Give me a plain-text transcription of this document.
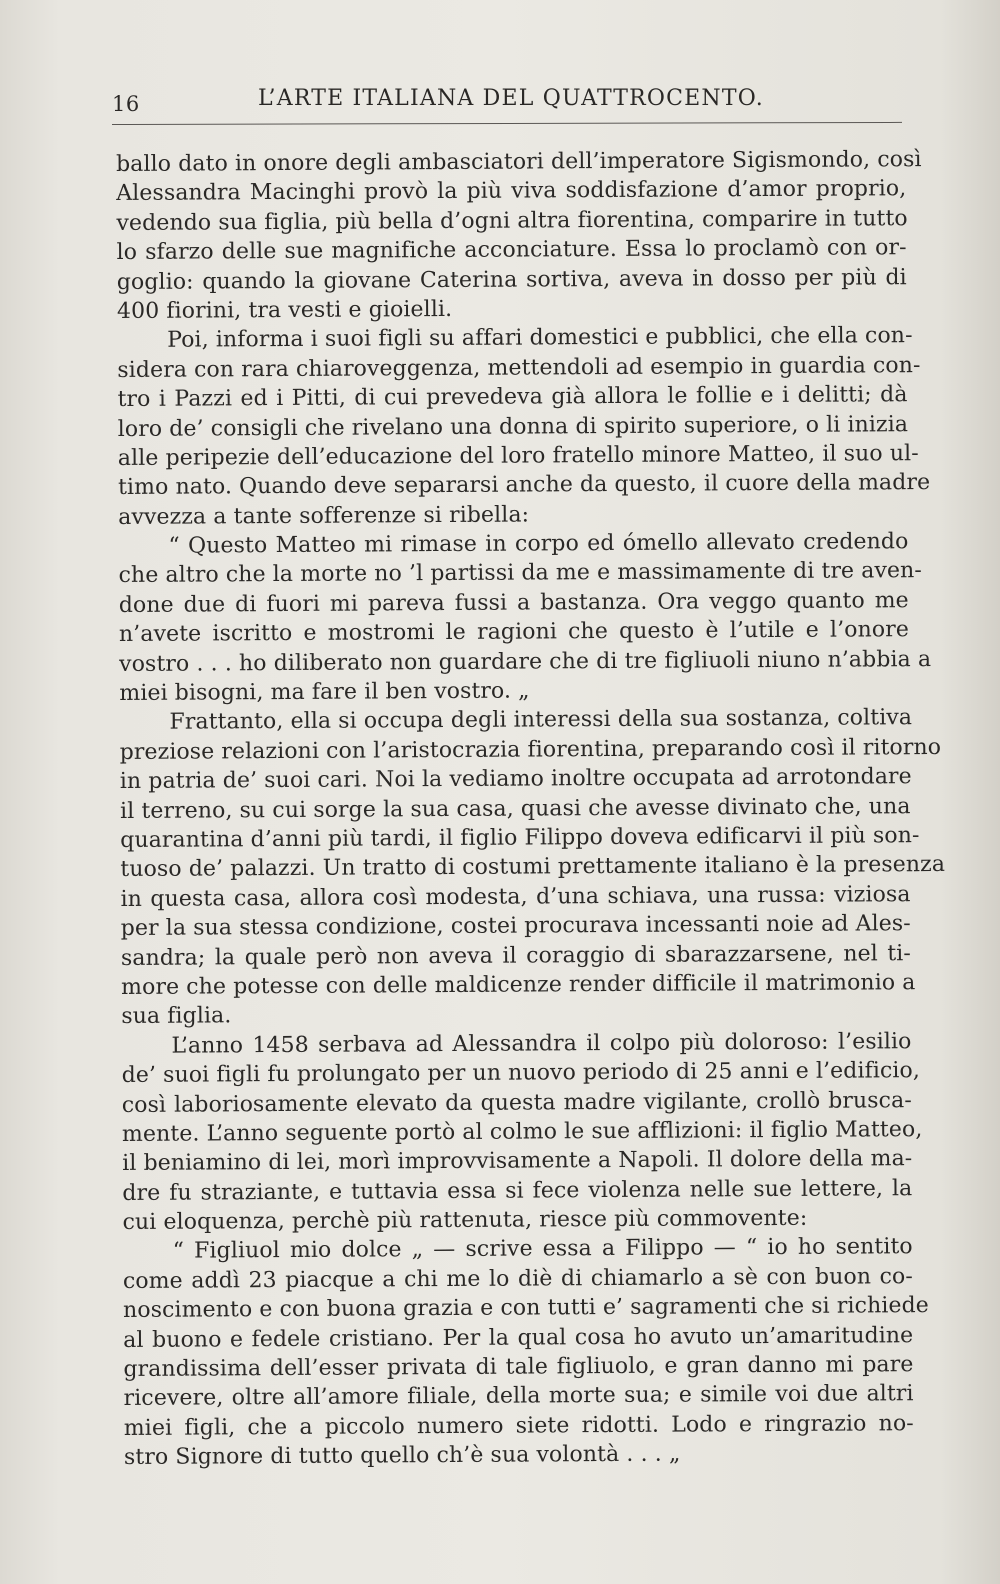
16	L’ARTE ITALIANA DEL QUATTROCENTO.
ballo dato in onore degli ambasciatori dell’imperatore Sigismondo, così
Alessandra Macinghi provò la più viva soddisfazione d’amor proprio,
vedendo sua figlia, più bella d’ogni altra fiorentina, comparire in tutto
lo sfarzo delle sue magnifiche acconciature. Essa lo proclamò con or-
goglio: quando la giovane Caterina sortiva, aveva in dosso per più di
400 fiorini, tra vesti e gioielli.
Poi, informa i suoi figli su affari domestici e pubblici, che ella con-
sidera con rara chiaroveggenza, mettendoli ad esempio in guardia con-
tro i Pazzi ed i Pitti, di cui prevedeva già allora le follie e i delitti; dà
loro de’ consigli che rivelano una donna di spirito superiore, o li inizia
alle peripezie dell’educazione del loro fratello minore Matteo, il suo ul-
timo nato. Quando deve separarsi anche da questo, il cuore della madre
avvezza a tante sofferenze si ribella:
“ Questo Matteo mi rimase in corpo ed ómello allevato credendo
che altro che la morte no ’l partissi da me e massimamente di tre aven-
done due di fuori mi pareva fussi a bastanza. Ora veggo quanto me
n’avete iscritto e mostromi le ragioni che questo è l’utile e l’onore
vostro . . . ho diliberato non guardare che di tre figliuoli niuno n’abbia a
miei bisogni, ma fare il ben vostro. „
Frattanto, ella si occupa degli interessi della sua sostanza, coltiva
preziose relazioni con l’aristocrazia fiorentina, preparando così il ritorno
in patria de’ suoi cari. Noi la vediamo inoltre occupata ad arrotondare
il terreno, su cui sorge la sua casa, quasi che avesse divinato che, una
quarantina d’anni più tardi, il figlio Filippo doveva edificarvi il più son-
tuoso de’ palazzi. Un tratto di costumi prettamente italiano è la presenza
in questa casa, allora così modesta, d’una schiava, una russa: viziosa
per la sua stessa condizione, costei procurava incessanti noie ad Ales-
sandra; la quale però non aveva il coraggio di sbarazzarsene, nel ti-
more che potesse con delle maldicenze render difficile il matrimonio a
sua figlia.
L’anno 1458 serbava ad Alessandra il colpo più doloroso: l’esilio
de’ suoi figli fu prolungato per un nuovo periodo di 25 anni e l’edificio,
così laboriosamente elevato da questa madre vigilante, crollò brusca-
mente. L’anno seguente portò al colmo le sue afflizioni: il figlio Matteo,
il beniamino di lei, morì improvvisamente a Napoli. Il dolore della ma-
dre fu straziante, e tuttavia essa si fece violenza nelle sue lettere, la
cui eloquenza, perchè più rattenuta, riesce più commovente:
“ Figliuol mio dolce „ — scrive essa a Filippo — “ io ho sentito
come addì 23 piacque a chi me lo diè di chiamarlo a sè con buon co-
noscimento e con buona grazia e con tutti e’ sagramenti che si richiede
al buono e fedele cristiano. Per la qual cosa ho avuto un’amaritudine
grandissima dell’esser privata di tale figliuolo, e gran danno mi pare
ricevere, oltre all’amore filiale, della morte sua; e simile voi due altri
miei figli, che a piccolo numero siete ridotti. Lodo e ringrazio no-
stro Signore di tutto quello ch’è sua volontà . . . „
